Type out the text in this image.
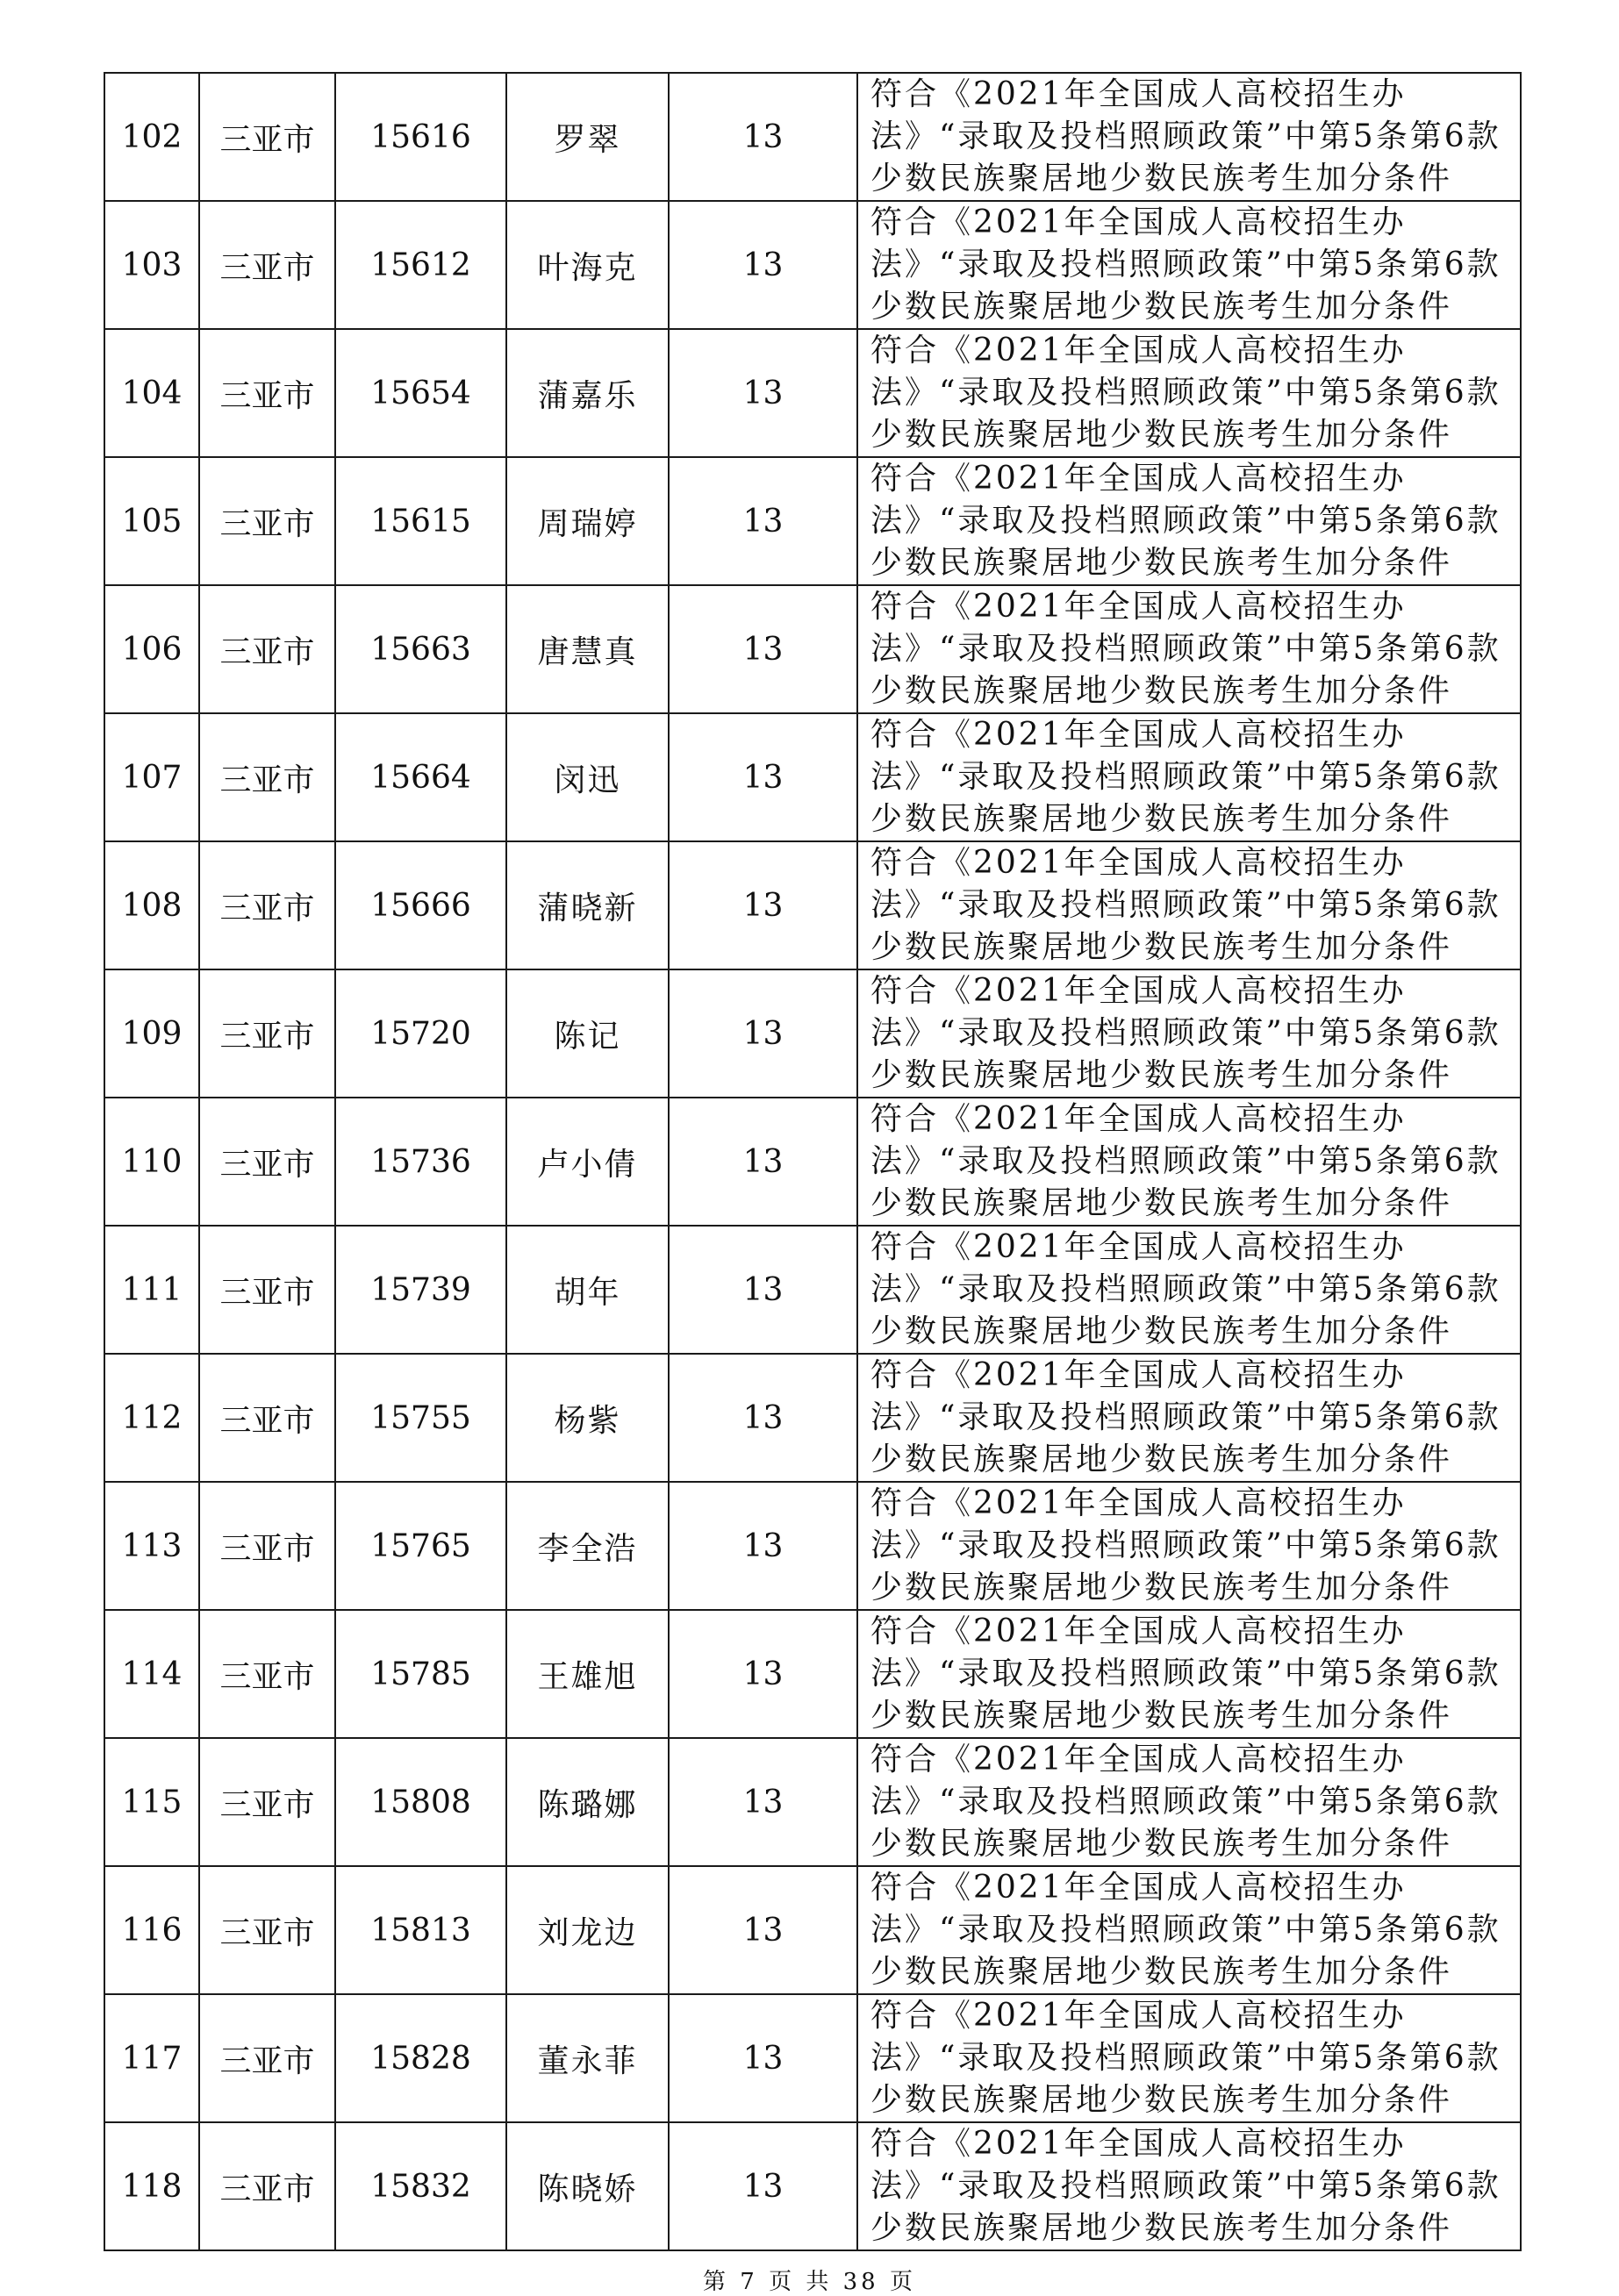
102	三亚市	15616	罗翠	13	符合《2021年全国成人高校招生办法》“录取及投档照顾政策”中第5条第6款少数民族聚居地少数民族考生加分条件
103	三亚市	15612	叶海克	13	符合《2021年全国成人高校招生办法》“录取及投档照顾政策”中第5条第6款少数民族聚居地少数民族考生加分条件
104	三亚市	15654	蒲嘉乐	13	符合《2021年全国成人高校招生办法》“录取及投档照顾政策”中第5条第6款少数民族聚居地少数民族考生加分条件
105	三亚市	15615	周瑞婷	13	符合《2021年全国成人高校招生办法》“录取及投档照顾政策”中第5条第6款少数民族聚居地少数民族考生加分条件
106	三亚市	15663	唐慧真	13	符合《2021年全国成人高校招生办法》“录取及投档照顾政策”中第5条第6款少数民族聚居地少数民族考生加分条件
107	三亚市	15664	闵迅	13	符合《2021年全国成人高校招生办法》“录取及投档照顾政策”中第5条第6款少数民族聚居地少数民族考生加分条件
108	三亚市	15666	蒲晓新	13	符合《2021年全国成人高校招生办法》“录取及投档照顾政策”中第5条第6款少数民族聚居地少数民族考生加分条件
109	三亚市	15720	陈记	13	符合《2021年全国成人高校招生办法》“录取及投档照顾政策”中第5条第6款少数民族聚居地少数民族考生加分条件
110	三亚市	15736	卢小倩	13	符合《2021年全国成人高校招生办法》“录取及投档照顾政策”中第5条第6款少数民族聚居地少数民族考生加分条件
111	三亚市	15739	胡年	13	符合《2021年全国成人高校招生办法》“录取及投档照顾政策”中第5条第6款少数民族聚居地少数民族考生加分条件
112	三亚市	15755	杨紫	13	符合《2021年全国成人高校招生办法》“录取及投档照顾政策”中第5条第6款少数民族聚居地少数民族考生加分条件
113	三亚市	15765	李全浩	13	符合《2021年全国成人高校招生办法》“录取及投档照顾政策”中第5条第6款少数民族聚居地少数民族考生加分条件
114	三亚市	15785	王雄旭	13	符合《2021年全国成人高校招生办法》“录取及投档照顾政策”中第5条第6款少数民族聚居地少数民族考生加分条件
115	三亚市	15808	陈璐娜	13	符合《2021年全国成人高校招生办法》“录取及投档照顾政策”中第5条第6款少数民族聚居地少数民族考生加分条件
116	三亚市	15813	刘龙边	13	符合《2021年全国成人高校招生办法》“录取及投档照顾政策”中第5条第6款少数民族聚居地少数民族考生加分条件
117	三亚市	15828	董永菲	13	符合《2021年全国成人高校招生办法》“录取及投档照顾政策”中第5条第6款少数民族聚居地少数民族考生加分条件
118	三亚市	15832	陈晓娇	13	符合《2021年全国成人高校招生办法》“录取及投档照顾政策”中第5条第6款少数民族聚居地少数民族考生加分条件
第 7 页 共 38 页
